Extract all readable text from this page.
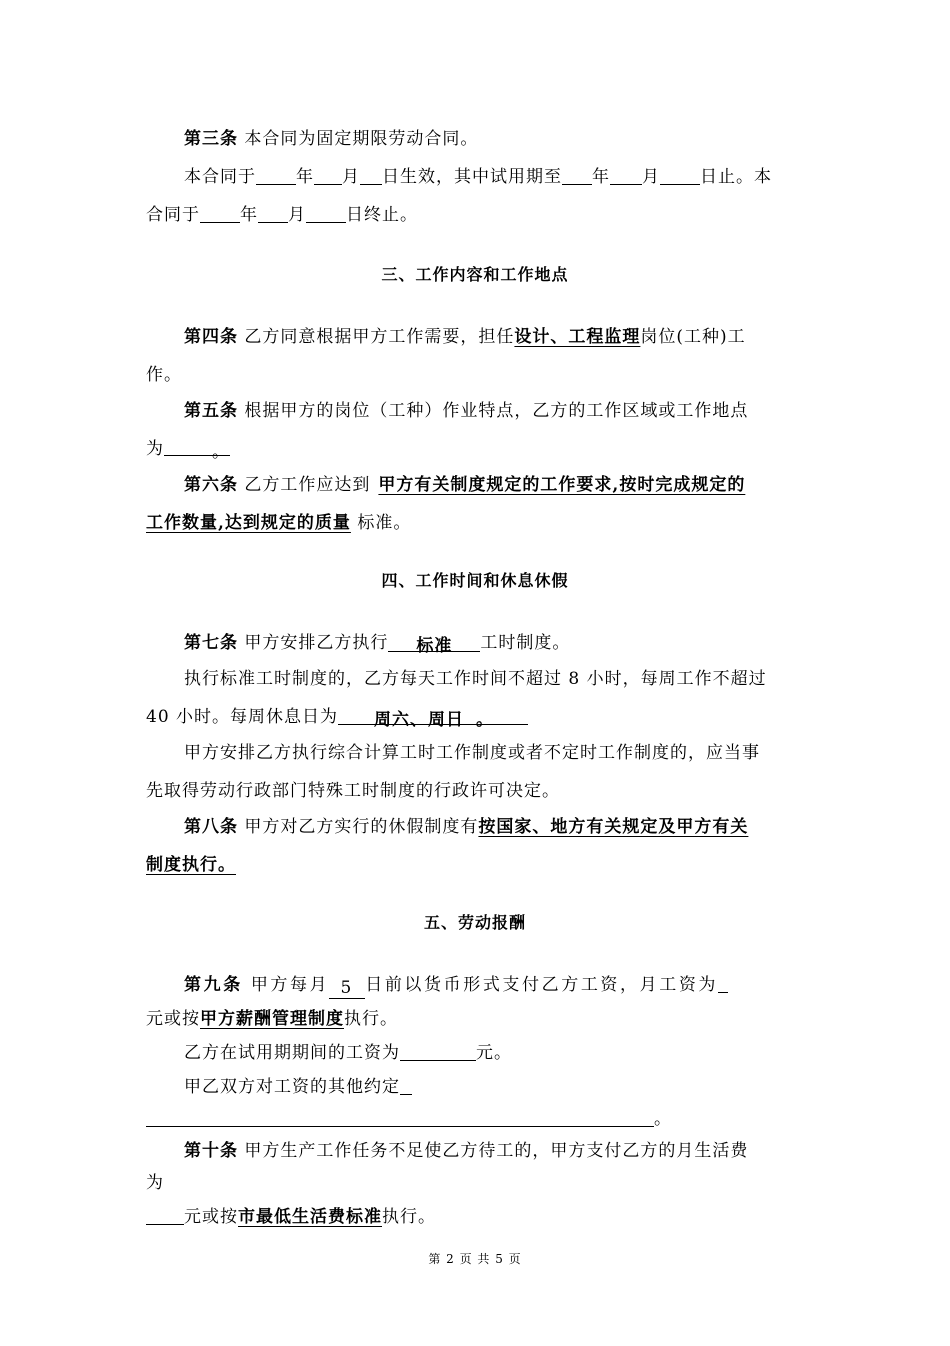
第三条 本合同为固定期限劳动合同。
本合同于 年 月 日生效，其中试用期至 年 月 日止。本
合同于 年 月 日终止。
三、工作内容和工作地点
第四条 乙方同意根据甲方工作需要，担任设计、工程监理岗位(工种)工
作。
第五条 根据甲方的岗位（工种）作业特点，乙方的工作区域或工作地点
为	。
第六条 乙方工作应达到 甲方有关制度规定的工作要求,按时完成规定的
工作数量,达到规定的质量 标准。
四、工作时间和休息休假
第七条 甲方安排乙方执行 标准 工时制度。
执行标准工时制度的，乙方每天工作时间不超过 8 小时，每周工作不超过
40 小时。每周休息日为 周六、周日 。
甲方安排乙方执行综合计算工时工作制度或者不定时工作制度的，应当事
先取得劳动行政部门特殊工时制度的行政许可决定。
第八条 甲方对乙方实行的休假制度有按国家、地方有关规定及甲方有关
制度执行。
五、劳动报酬
第九条 甲方每月 5 日前以货币形式支付乙方工资，月工资为
元或按甲方薪酬管理制度执行。
乙方在试用期期间的工资为	元。
甲乙双方对工资的其他约定
。
第十条 甲方生产工作任务不足使乙方待工的，甲方支付乙方的月生活费
为
元或按市最低生活费标准执行。
第 2 页 共 5 页
